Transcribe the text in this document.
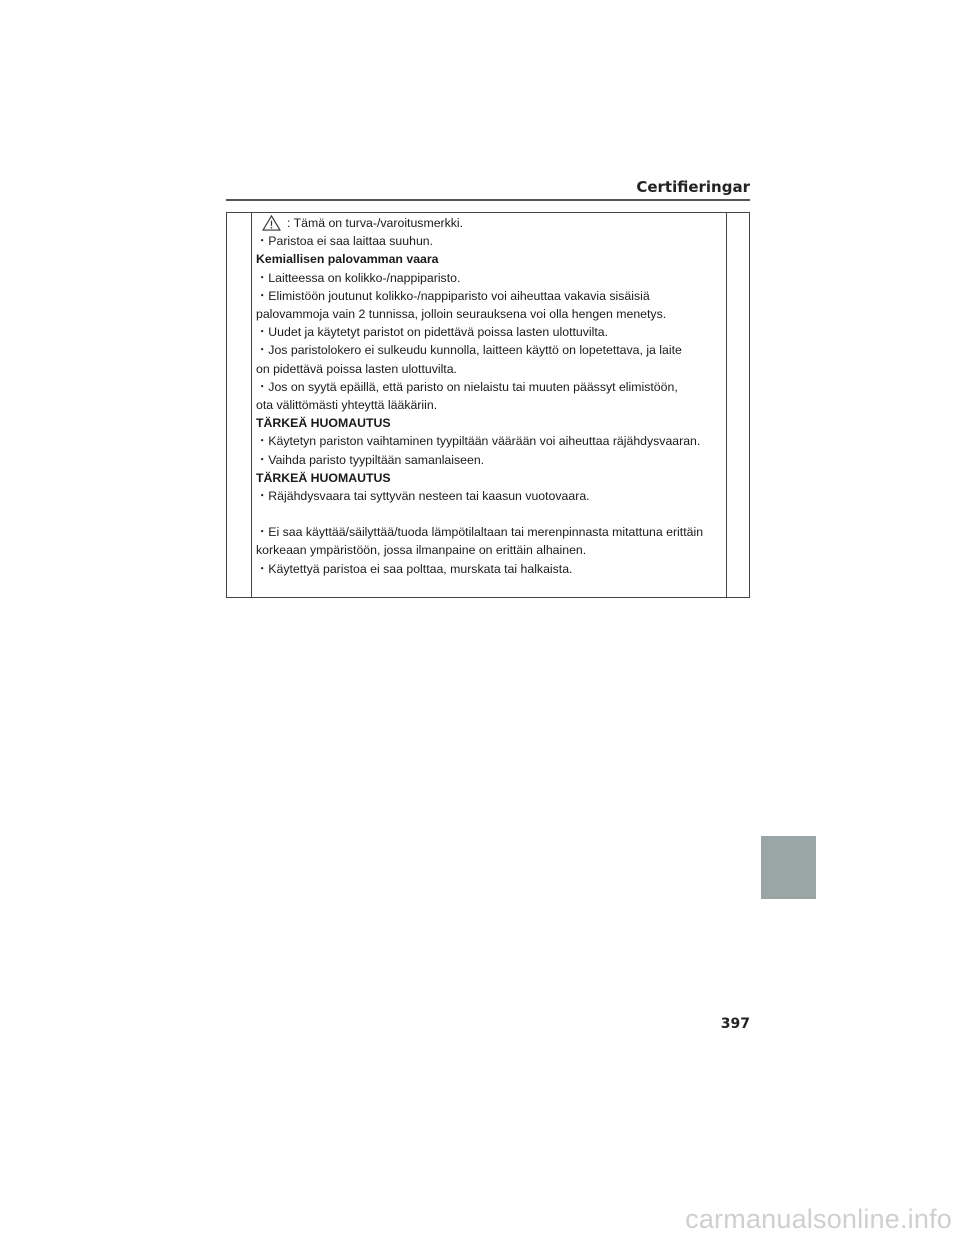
Certifieringar
: Tämä on turva-/varoitusmerkki.
・Paristoa ei saa laittaa suuhun.
Kemiallisen palovamman vaara
・Laitteessa on kolikko-/nappiparisto.
・Elimistöön joutunut kolikko-/nappiparisto voi aiheuttaa vakavia sisäisiä
palovammoja vain 2 tunnissa, jolloin seurauksena voi olla hengen menetys.
・Uudet ja käytetyt paristot on pidettävä poissa lasten ulottuvilta.
・Jos paristolokero ei sulkeudu kunnolla, laitteen käyttö on lopetettava, ja laite
on pidettävä poissa lasten ulottuvilta.
・Jos on syytä epäillä, että paristo on nielaistu tai muuten päässyt elimistöön,
ota välittömästi yhteyttä lääkäriin.
TÄRKEÄ HUOMAUTUS
・Käytetyn pariston vaihtaminen tyypiltään väärään voi aiheuttaa räjähdysvaaran.
・Vaihda paristo tyypiltään samanlaiseen.
TÄRKEÄ HUOMAUTUS
・Räjähdysvaara tai syttyvän nesteen tai kaasun vuotovaara.
・Ei saa käyttää/säilyttää/tuoda lämpötilaltaan tai merenpinnasta mitattuna erittäin
korkeaan ympäristöön, jossa ilmanpaine on erittäin alhainen.
・Käytettyä paristoa ei saa polttaa, murskata tai halkaista.
397
carmanualsonline.info
